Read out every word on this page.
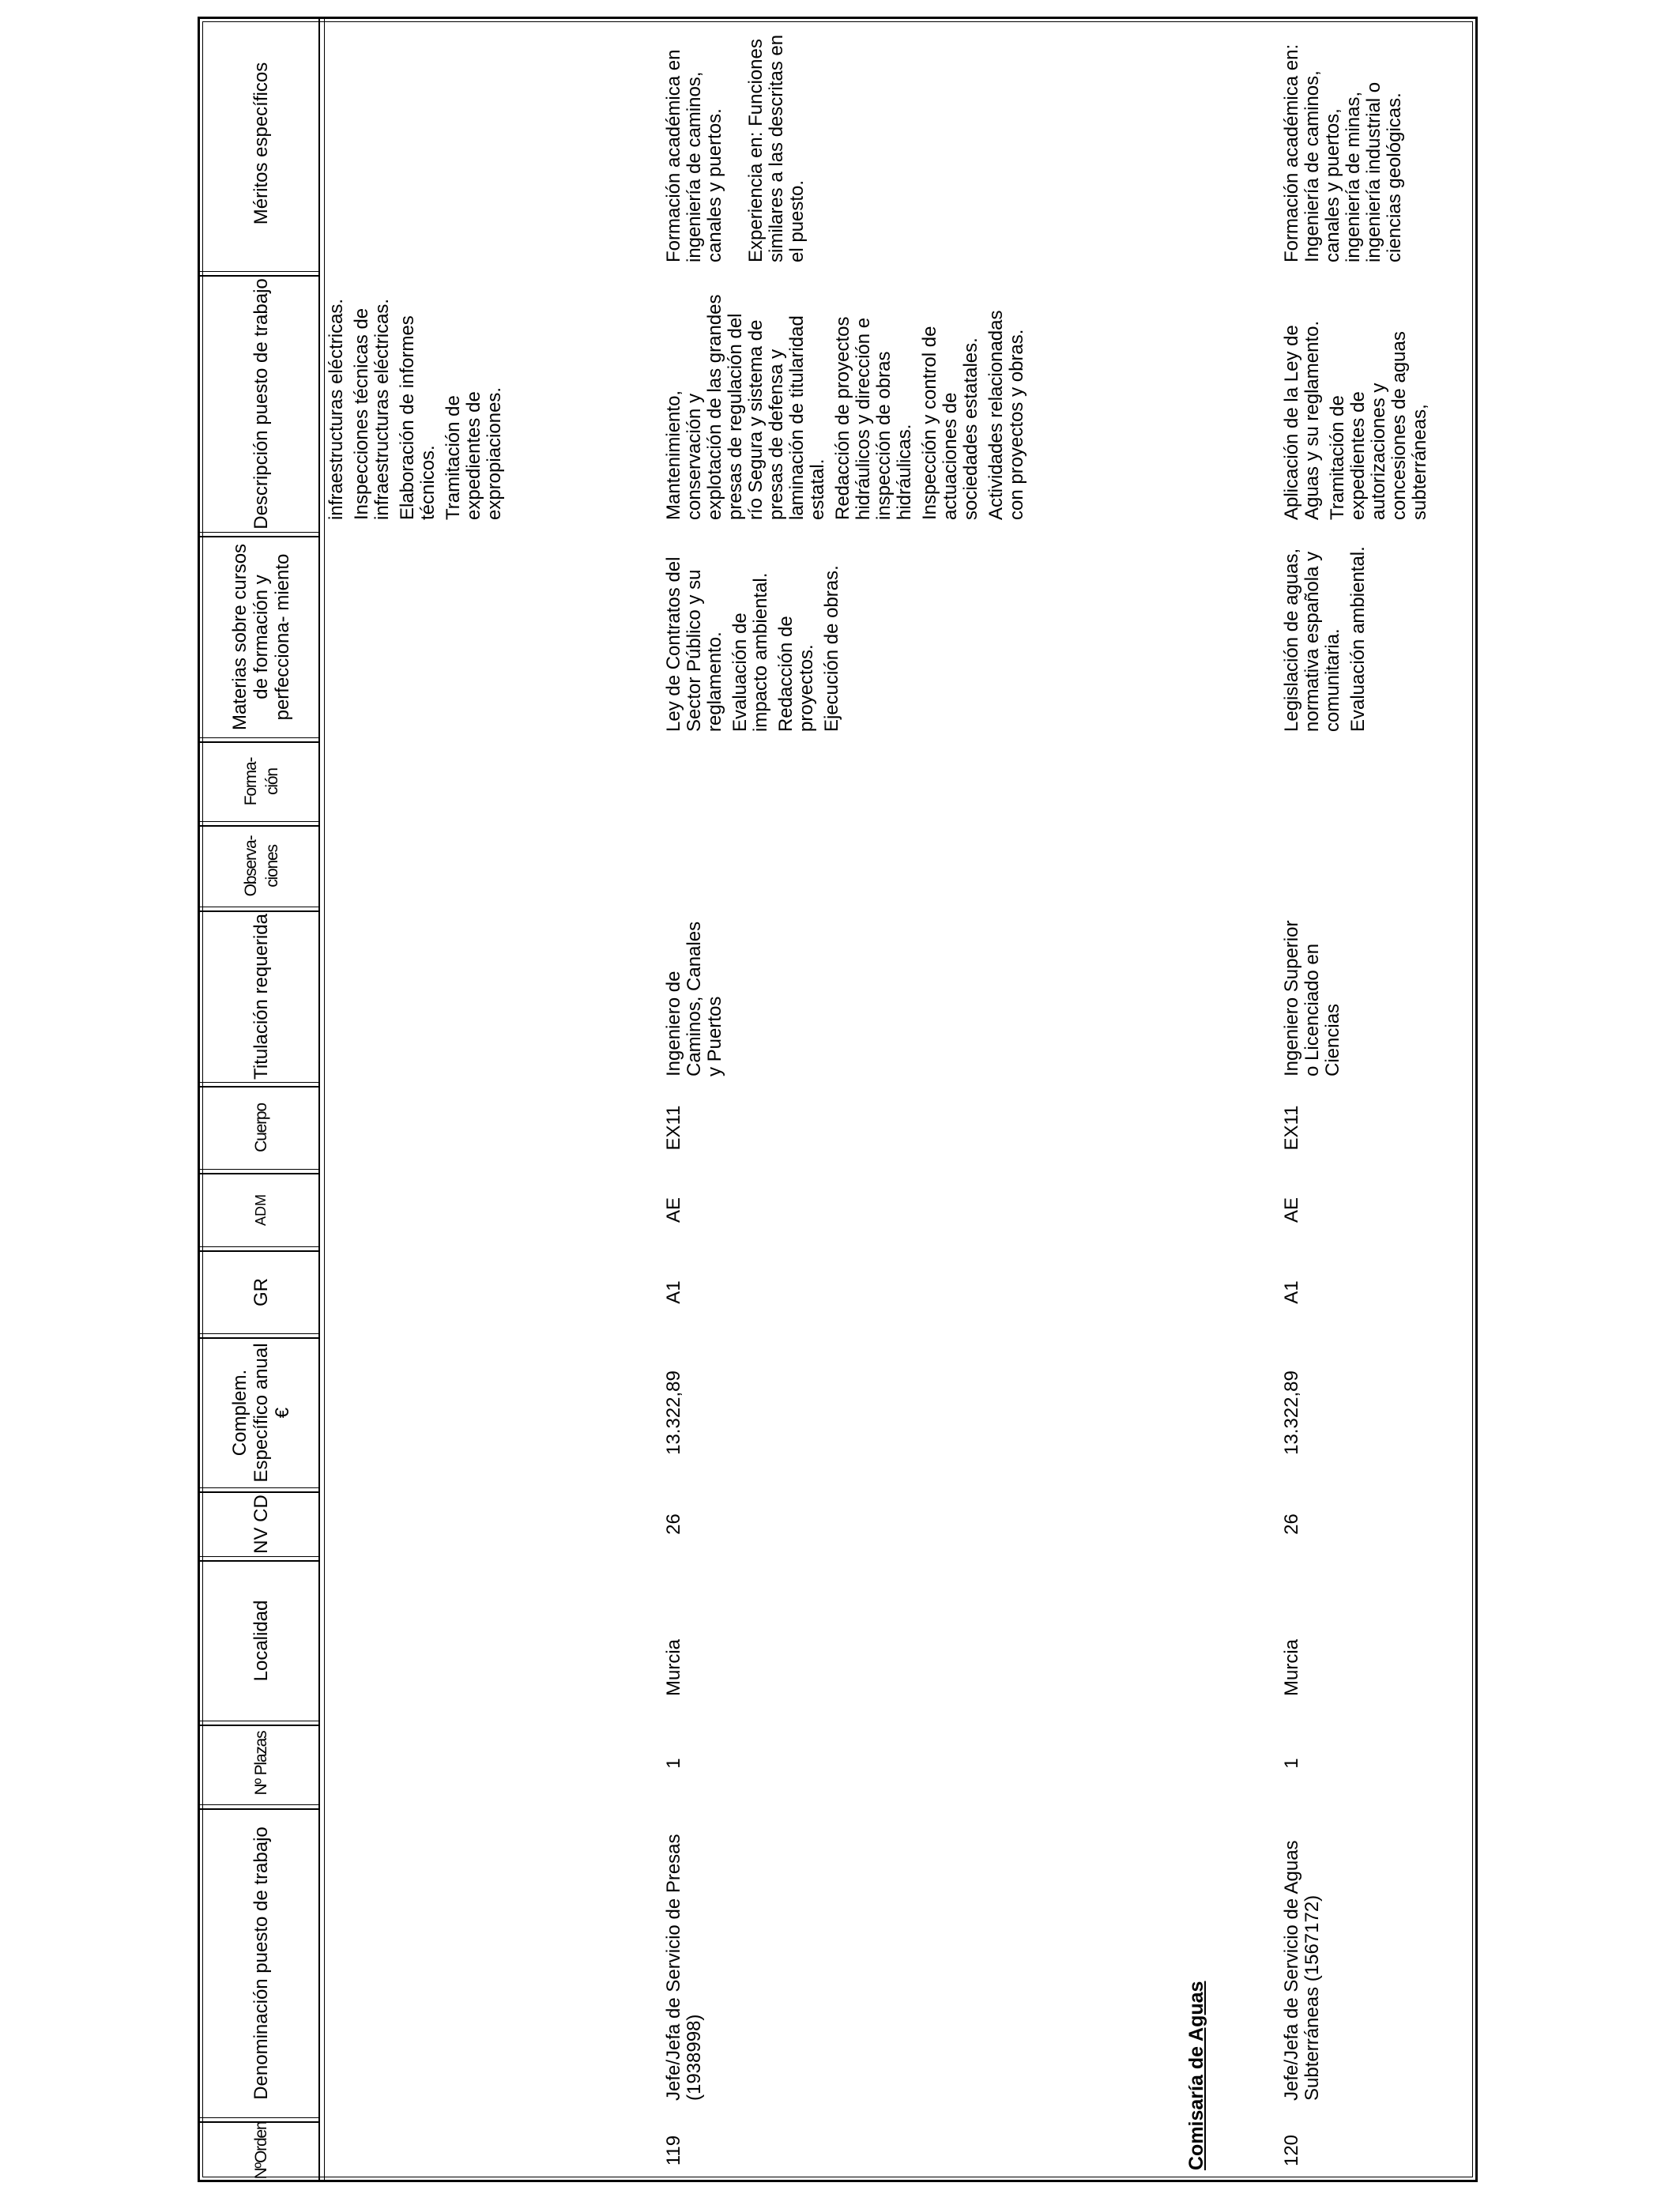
NºOrden
Denominación puesto de trabajo
Nº Plazas
Localidad
NV CD
Complem. Específico anual €
GR
ADM
Cuerpo
Titulación requerida
Observa- ciones
Forma- ción
Materias sobre cursos de formación y perfecciona- miento
Descripción puesto de trabajo
Méritos específicos

infraestructuras eléctricas. Inspecciones técnicas de infraestructuras eléctricas. Elaboración de informes técnicos. Tramitación de expedientes de expropiaciones.

119
Jefe/Jefa de Servicio de Presas (1938998)
1
Murcia
26
13.322,89
A1
AE
EX11
Ingeniero de Caminos, Canales y Puertos

Ley de Contratos del Sector Público y su reglamento. Evaluación de impacto ambiental. Redacción de proyectos. Ejecución de obras.

Mantenimiento, conservación y explotación de las grandes presas de regulación del río Segura y sistema de presas de defensa y laminación de titularidad estatal. Redacción de proyectos hidráulicos y dirección e inspección de obras hidráulicas. Inspección y control de actuaciones de sociedades estatales. Actividades relacionadas con proyectos y obras.

Formación académica en ingeniería de caminos, canales y puertos. Experiencia en: Funciones similares a las descritas en el puesto.

Comisaría de Aguas	120
Jefe/Jefa de Servicio de Aguas Subterráneas (1567172)
1
Murcia
26
13.322,89
A1
AE
EX11
Ingeniero Superior o Licenciado en Ciencias

Legislación de aguas, normativa española y comunitaria. Evaluación ambiental.

Aplicación de la Ley de Aguas y su reglamento. Tramitación de expedientes de autorizaciones y concesiones de aguas subterráneas,

Formación académica en: Ingeniería de caminos, canales y puertos, ingeniería de minas, ingeniería industrial o ciencias geológicas.
